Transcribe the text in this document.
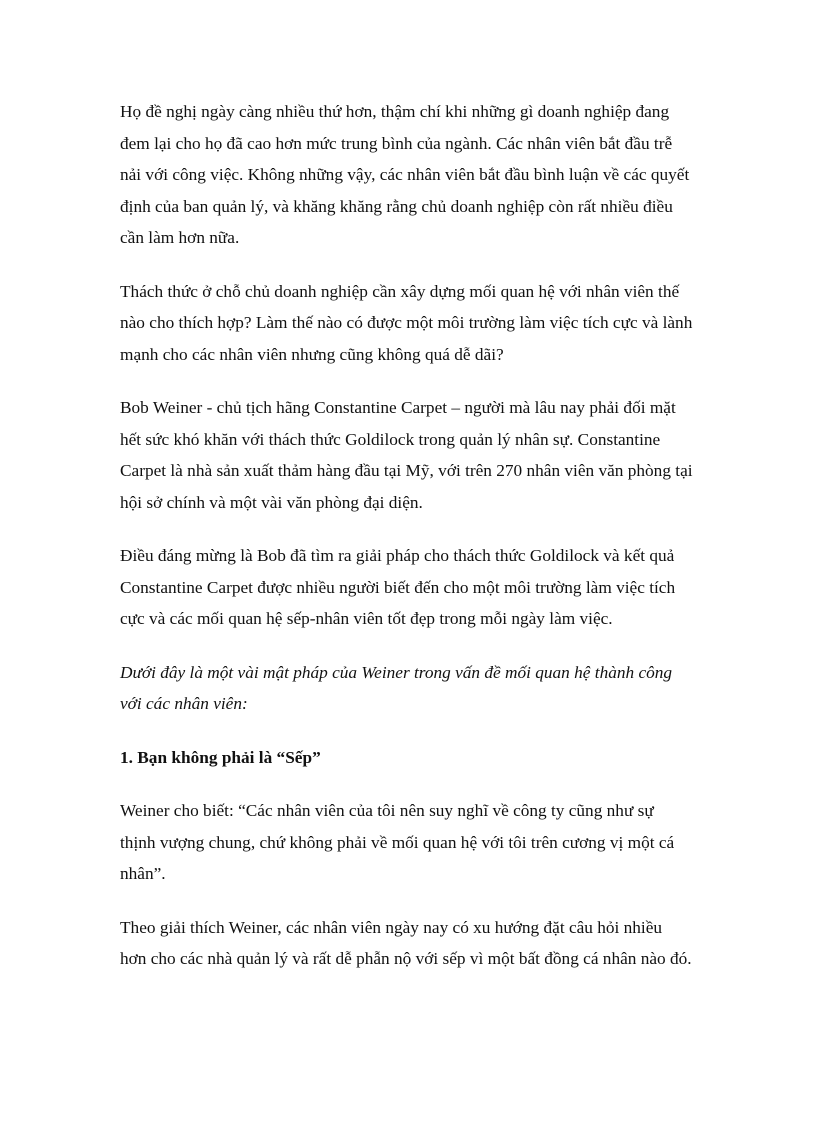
Họ đề nghị ngày càng nhiều thứ hơn, thậm chí khi những gì doanh nghiệp đang
đem lại cho họ đã cao hơn mức trung bình của ngành. Các nhân viên bắt đầu trễ
nải với công việc. Không những vậy, các nhân viên bắt đầu bình luận về các quyết
định của ban quản lý, và khăng khăng rằng chủ doanh nghiệp còn rất nhiều điều
cần làm hơn nữa.
Thách thức ở chỗ chủ doanh nghiệp cần xây dựng mối quan hệ với nhân viên thế
nào cho thích hợp? Làm thế nào có được một môi trường làm việc tích cực và lành
mạnh cho các nhân viên nhưng cũng không quá dễ dãi?
Bob Weiner - chủ tịch hãng Constantine Carpet – người mà lâu nay phải đối mặt
hết sức khó khăn với thách thức Goldilock trong quản lý nhân sự. Constantine
Carpet là nhà sản xuất thảm hàng đầu tại Mỹ, với trên 270 nhân viên văn phòng tại
hội sở chính và một vài văn phòng đại diện.
Điều đáng mừng là Bob đã tìm ra giải pháp cho thách thức Goldilock và kết quả
Constantine Carpet được nhiều người biết đến cho một môi trường làm việc tích
cực và các mối quan hệ sếp-nhân viên tốt đẹp trong mỗi ngày làm việc.
Dưới đây là một vài mật pháp của Weiner trong vấn đề mối quan hệ thành công
với các nhân viên:
1. Bạn không phải là “Sếp”
Weiner cho biết: “Các nhân viên của tôi nên suy nghĩ về công ty cũng như sự
thịnh vượng chung, chứ không phải về mối quan hệ với tôi trên cương vị một cá
nhân”.
Theo giải thích Weiner, các nhân viên ngày nay có xu hướng đặt câu hỏi nhiều
hơn cho các nhà quản lý và rất dễ phẫn nộ với sếp vì một bất đồng cá nhân nào đó.
